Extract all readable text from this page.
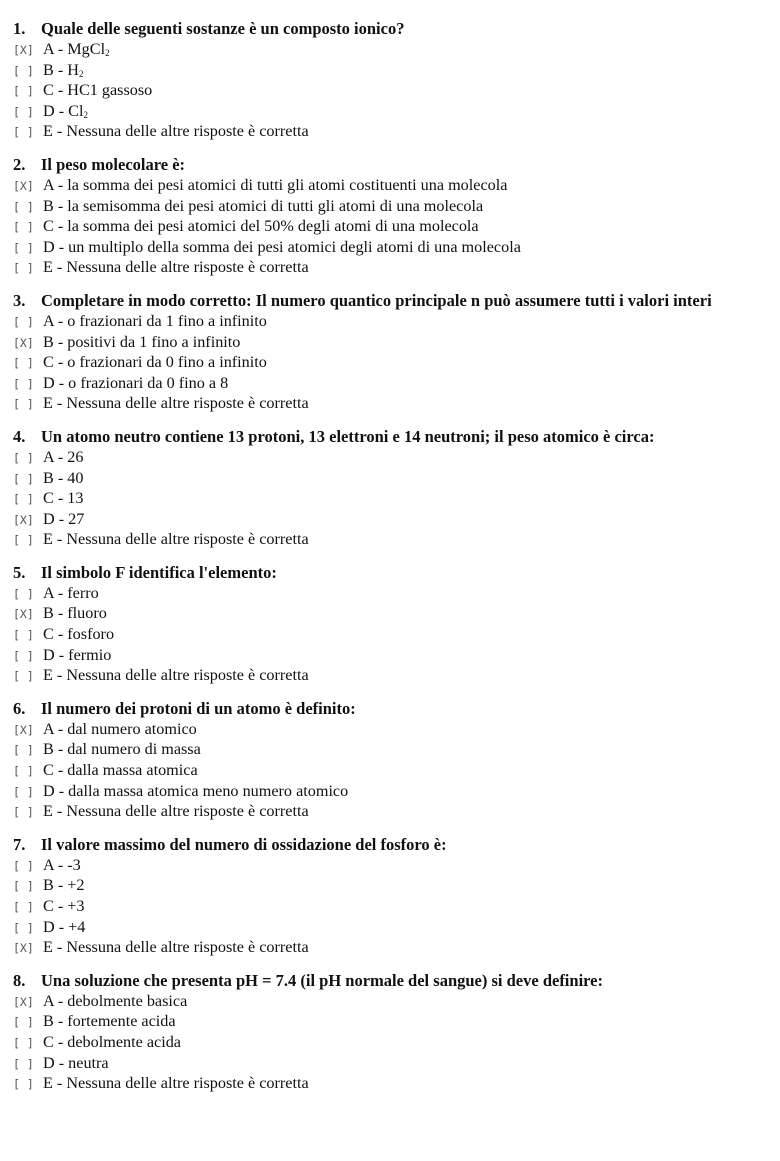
1. Quale delle seguenti sostanze è un composto ionico?
[X] A - MgCl$_2$
[ ] B - $H_2$
[ ] C - HC1 gassoso
[ ] D - $Cl_2$
[ ] E - Nessuna delle altre risposte è corretta
2. Il peso molecolare è:
[X] A - la somma dei pesi atomici di tutti gli atomi costituenti una molecola
[ ] B - la semisomma dei pesi atomici di tutti gli atomi di una molecola
[ ] C - la somma dei pesi atomici del 50% degli atomi di una molecola
[ ] D - un multiplo della somma dei pesi atomici degli atomi di una molecola
[ ] E - Nessuna delle altre risposte è corretta
3. Completare in modo corretto: Il numero quantico principale n può assumere tutti i valori interi
[ ] A - o frazionari da 1 fino a infinito
[X] B - positivi da 1 fino a infinito
[ ] C - o frazionari da 0 fino a infinito
[ ] D - o frazionari da 0 fino a 8
[ ] E - Nessuna delle altre risposte è corretta
4. Un atomo neutro contiene 13 protoni, 13 elettroni e 14 neutroni; il peso atomico è circa:
[ ] A - 26
[ ] B - 40
[ ] C - 13
[X] D - 27
[ ] E - Nessuna delle altre risposte è corretta
5. Il simbolo F identifica l'elemento:
[ ] A - ferro
[X] B - fluoro
[ ] C - fosforo
[ ] D - fermio
[ ] E - Nessuna delle altre risposte è corretta
6. Il numero dei protoni di un atomo è definito:
[X] A - dal numero atomico
[ ] B - dal numero di massa
[ ] C - dalla massa atomica
[ ] D - dalla massa atomica meno numero atomico
[ ] E - Nessuna delle altre risposte è corretta
7. Il valore massimo del numero di ossidazione del fosforo è:
[ ] A - -3
[ ] B - +2
[ ] C - +3
[ ] D - +4
[X] E - Nessuna delle altre risposte è corretta
8. Una soluzione che presenta pH = 7.4 (il pH normale del sangue) si deve definire:
[X] A - debolmente basica
[ ] B - fortemente acida
[ ] C - debolmente acida
[ ] D - neutra
[ ] E - Nessuna delle altre risposte è corretta
